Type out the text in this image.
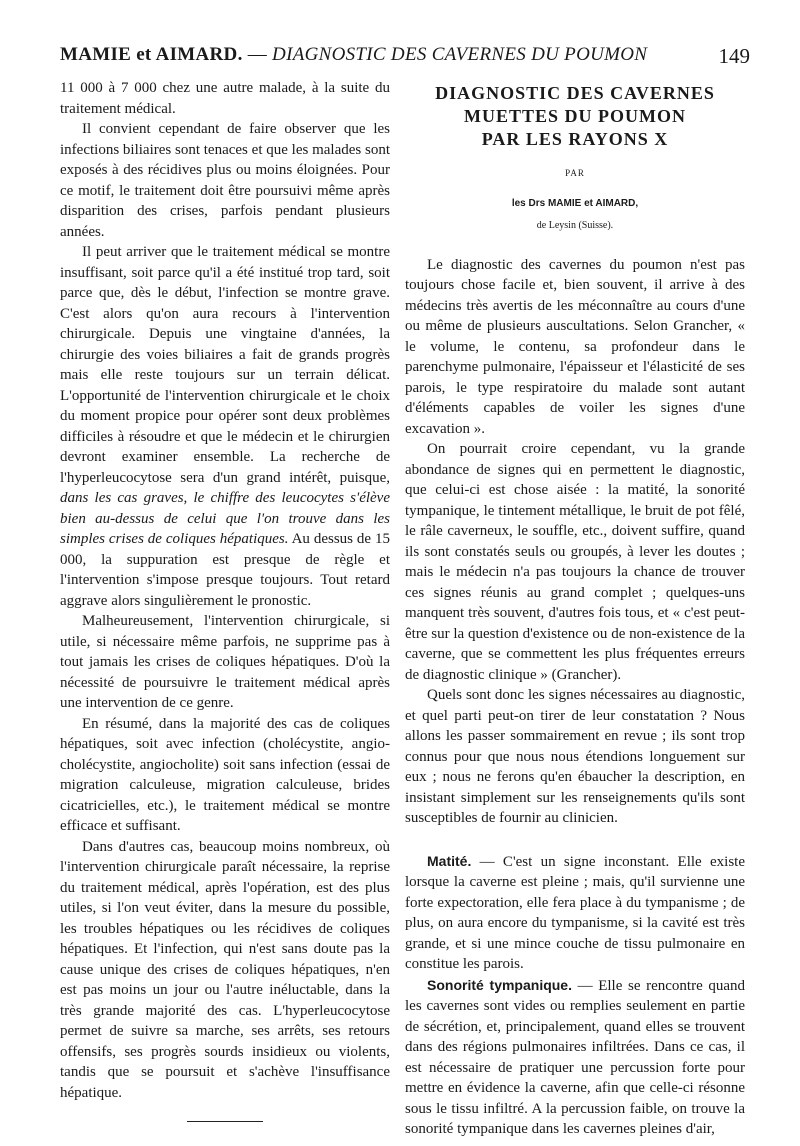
MAMIE et AIMARD. — DIAGNOSTIC DES CAVERNES DU POUMON	149

11 000 à 7 000 chez une autre malade, à la suite du traitement médical.

Il convient cependant de faire observer que les infections biliaires sont tenaces et que les malades sont exposés à des récidives plus ou moins éloignées. Pour ce motif, le traitement doit être poursuivi même après disparition des crises, parfois pendant plusieurs années.

Il peut arriver que le traitement médical se montre insuffisant, soit parce qu'il a été institué trop tard, soit parce que, dès le début, l'infection se montre grave. C'est alors qu'on aura recours à l'intervention chirurgicale. Depuis une vingtaine d'années, la chirurgie des voies biliaires a fait de grands progrès mais elle reste toujours sur un terrain délicat. L'opportunité de l'intervention chirurgicale et le choix du moment propice pour opérer sont deux problèmes difficiles à résoudre et que le médecin et le chirurgien devront examiner ensemble. La recherche de l'hyperleucocytose sera d'un grand intérêt, puisque, dans les cas graves, le chiffre des leucocytes s'élève bien au-dessus de celui que l'on trouve dans les simples crises de coliques hépatiques. Au dessus de 15 000, la suppuration est presque de règle et l'intervention s'impose presque toujours. Tout retard aggrave alors singulièrement le pronostic.

Malheureusement, l'intervention chirurgicale, si utile, si nécessaire même parfois, ne supprime pas à tout jamais les crises de coliques hépatiques. D'où la nécessité de poursuivre le traitement médical après une intervention de ce genre.

En résumé, dans la majorité des cas de coliques hépatiques, soit avec infection (cholécystite, angio-cholécystite, angiocholite) soit sans infection (essai de migration calculeuse, migration calculeuse, brides cicatricielles, etc.), le traitement médical se montre efficace et suffisant.

Dans d'autres cas, beaucoup moins nombreux, où l'intervention chirurgicale paraît nécessaire, la reprise du traitement médical, après l'opération, est des plus utiles, si l'on veut éviter, dans la mesure du possible, les troubles hépatiques ou les récidives de coliques hépatiques. Et l'infection, qui n'est sans doute pas la cause unique des crises de coliques hépatiques, n'en est pas moins un jour ou l'autre inéluctable, dans la très grande majorité des cas. L'hyperleucocytose permet de suivre sa marche, ses arrêts, ses retours offensifs, ses progrès sourds insidieux ou violents, tandis que se poursuit et s'achève l'insuffisance hépatique.

DIAGNOSTIC DES CAVERNES
MUETTES DU POUMON
PAR LES RAYONS X
PAR
les Drs MAMIE et AIMARD,
de Leysin (Suisse).

Le diagnostic des cavernes du poumon n'est pas toujours chose facile et, bien souvent, il arrive à des médecins très avertis de les méconnaître au cours d'une ou même de plusieurs auscultations. Selon Grancher, « le volume, le contenu, sa profondeur dans le parenchyme pulmonaire, l'épaisseur et l'élasticité de ses parois, le type respiratoire du malade sont autant d'éléments capables de voiler les signes d'une excavation ».

On pourrait croire cependant, vu la grande abondance de signes qui en permettent le diagnostic, que celui-ci est chose aisée : la matité, la sonorité tympanique, le tintement métallique, le bruit de pot fêlé, le râle caverneux, le souffle, etc., doivent suffire, quand ils sont constatés seuls ou groupés, à lever les doutes ; mais le médecin n'a pas toujours la chance de trouver ces signes réunis au grand complet ; quelques-uns manquent très souvent, d'autres fois tous, et « c'est peut-être sur la question d'existence ou de non-existence de la caverne, que se commettent les plus fréquentes erreurs de diagnostic clinique » (Grancher).

Quels sont donc les signes nécessaires au diagnostic, et quel parti peut-on tirer de leur constatation ? Nous allons les passer sommairement en revue ; ils sont trop connus pour que nous nous étendions longuement sur eux ; nous ne ferons qu'en ébaucher la description, en insistant simplement sur les renseignements qu'ils sont susceptibles de fournir au clinicien.

Matité. — C'est un signe inconstant. Elle existe lorsque la caverne est pleine ; mais, qu'il survienne une forte expectoration, elle fera place à du tympanisme ; de plus, on aura encore du tympanisme, si la cavité est très grande, et si une mince couche de tissu pulmonaire en constitue les parois.

Sonorité tympanique. — Elle se rencontre quand les cavernes sont vides ou remplies seulement en partie de sécrétion, et, principalement, quand elles se trouvent dans des régions pulmonaires infiltrées. Dans ce cas, il est nécessaire de pratiquer une percussion forte pour mettre en évidence la caverne, afin que celle-ci résonne sous le tissu infiltré. A la percussion faible, on trouve la sonorité tympanique dans les cavernes pleines d'air,
